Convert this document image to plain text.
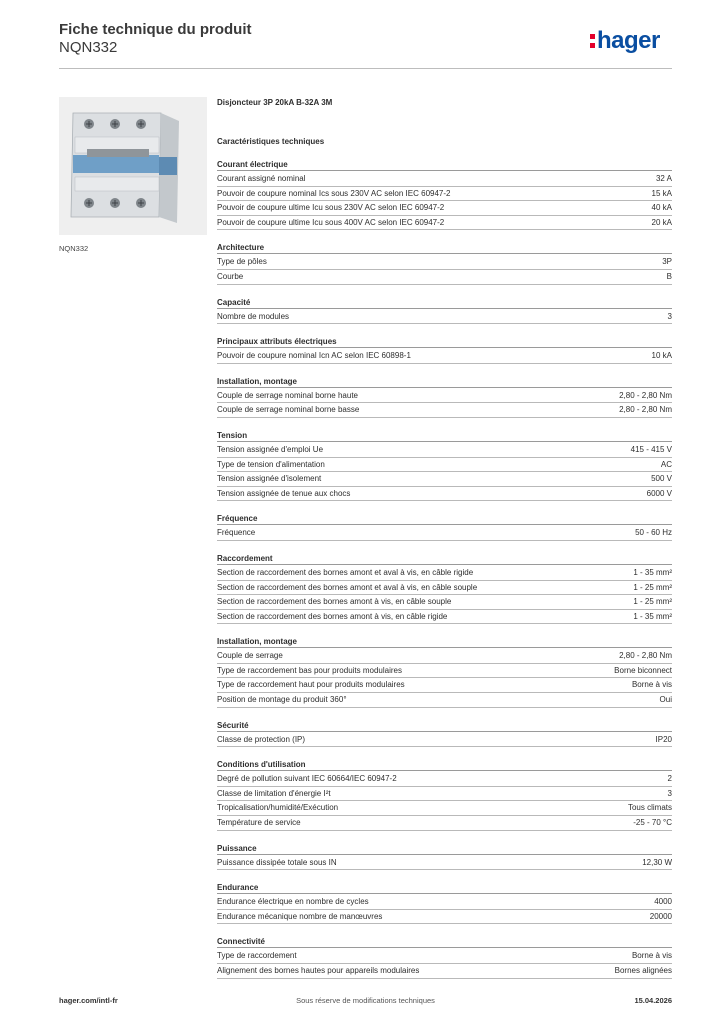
Fiche technique du produit
NQN332	hager
NQN332
Disjoncteur 3P 20kA B-32A 3M
Caractéristiques techniques
Courant électrique
Courant assigné nominal	32 A
Pouvoir de coupure nominal Ics sous 230V AC selon IEC 60947-2	15 kA
Pouvoir de coupure ultime Icu sous 230V AC selon IEC 60947-2	40 kA
Pouvoir de coupure ultime Icu sous 400V AC selon IEC 60947-2	20 kA
Architecture
Type de pôles	3P
Courbe	B
Capacité
Nombre de modules	3
Principaux attributs électriques
Pouvoir de coupure nominal Icn AC selon IEC 60898-1	10 kA
Installation, montage
Couple de serrage nominal borne haute	2,80 - 2,80 Nm
Couple de serrage nominal borne basse	2,80 - 2,80 Nm
Tension
Tension assignée d'emploi Ue	415 - 415 V
Type de tension d'alimentation	AC
Tension assignée d'isolement	500 V
Tension assignée de tenue aux chocs	6000 V
Fréquence
Fréquence	50 - 60 Hz
Raccordement
Section de raccordement des bornes amont et aval à vis, en câble rigide	1 - 35 mm²
Section de raccordement des bornes amont et aval à vis, en câble souple	1 - 25 mm²
Section de raccordement des bornes amont à vis, en câble souple	1 - 25 mm²
Section de raccordement des bornes amont à vis, en câble rigide	1 - 35 mm²
Installation, montage
Couple de serrage	2,80 - 2,80 Nm
Type de raccordement bas pour produits modulaires	Borne biconnect
Type de raccordement haut pour produits modulaires	Borne à vis
Position de montage du produit 360°	Oui
Sécurité
Classe de protection (IP)	IP20
Conditions d'utilisation
Degré de pollution suivant IEC 60664/IEC 60947-2	2
Classe de limitation d'énergie I²t	3
Tropicalisation/humidité/Exécution	Tous climats
Température de service	-25 - 70 °C
Puissance
Puissance dissipée totale sous IN	12,30 W
Endurance
Endurance électrique en nombre de cycles	4000
Endurance mécanique nombre de manœuvres	20000
Connectivité
Type de raccordement	Borne à vis
Alignement des bornes hautes pour appareils modulaires	Bornes alignées
hager.com/intl-fr	Sous réserve de modifications techniques	15.04.2026
